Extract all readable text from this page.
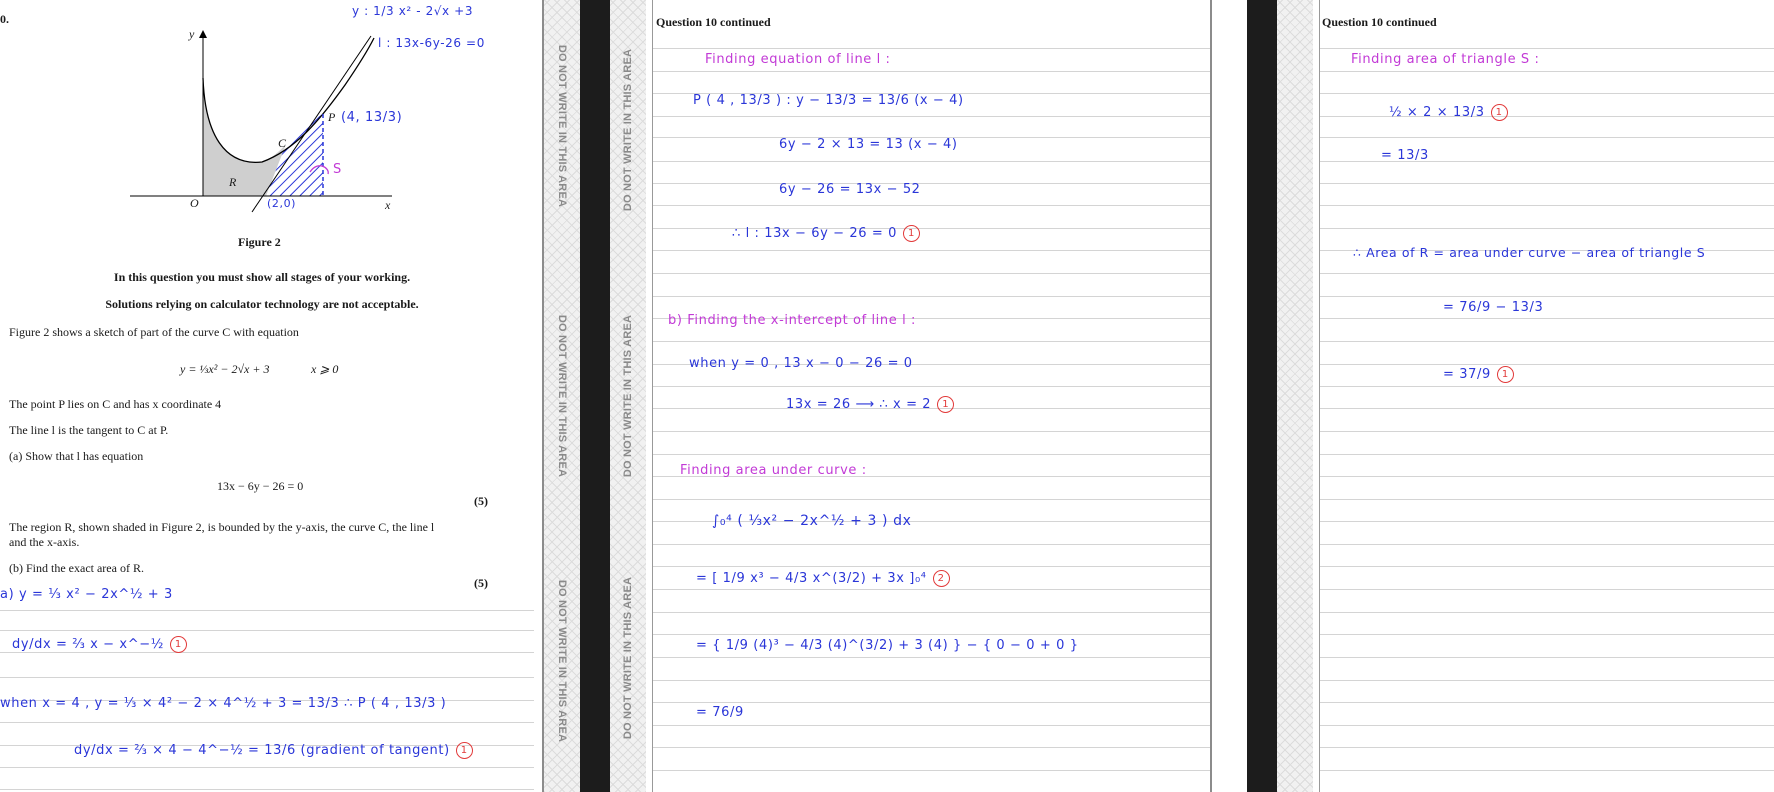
0.
y
x
O
C
R
P
y : 1/3 x² - 2√x +3
l : 13x-6y-26 =0
(4, 13/3)
S
(2,0)
Figure 2
In this question you must show all stages of your working.
Solutions relying on calculator technology are not acceptable.
Figure 2 shows a sketch of part of the curve C with equation
y = ⅓x² − 2√x + 3	x ⩾ 0
The point P lies on C and has x coordinate 4
The line l is the tangent to C at P.
(a) Show that l has equation
13x − 6y − 26 = 0
(5)
The region R, shown shaded in Figure 2, is bounded by the y-axis, the curve C, the line l
and the x-axis.
(b) Find the exact area of R.
(5)
a) y = ⅓ x² − 2x^½ + 3
dy/dx = ⅔ x − x^−½ 1
when x = 4 , y = ⅓ × 4² − 2 × 4^½ + 3 = 13/3 ∴ P ( 4 , 13/3 )
dy/dx = ⅔ × 4 − 4^−½ = 13/6 (gradient of tangent) 1
DO NOT WRITE IN THIS AREA
DO NOT WRITE IN THIS AREA
DO NOT WRITE IN THIS AREA
DO NOT WRITE IN THIS AREA
DO NOT WRITE IN THIS AREA
DO NOT WRITE IN THIS AREA
Question 10 continued
Finding equation of line l :
P ( 4 , 13/3 ) : y − 13/3 = 13/6 (x − 4)
6y − 2 × 13 = 13 (x − 4)
6y − 26 = 13x − 52
∴ l : 13x − 6y − 26 = 0 1
b) Finding the x-intercept of line l :
when y = 0 , 13 x − 0 − 26 = 0
13x = 26 ⟶ ∴ x = 2 1
Finding area under curve :
∫₀⁴ ( ⅓x² − 2x^½ + 3 ) dx
= [ 1/9 x³ − 4/3 x^(3/2) + 3x ]₀⁴ 2
= { 1/9 (4)³ − 4/3 (4)^(3/2) + 3 (4) } − { 0 − 0 + 0 }
= 76/9
Question 10 continued
Finding area of triangle S :
½ × 2 × 13/3 1
= 13/3
∴ Area of R = area under curve − area of triangle S
= 76/9 − 13/3
= 37/9 1
